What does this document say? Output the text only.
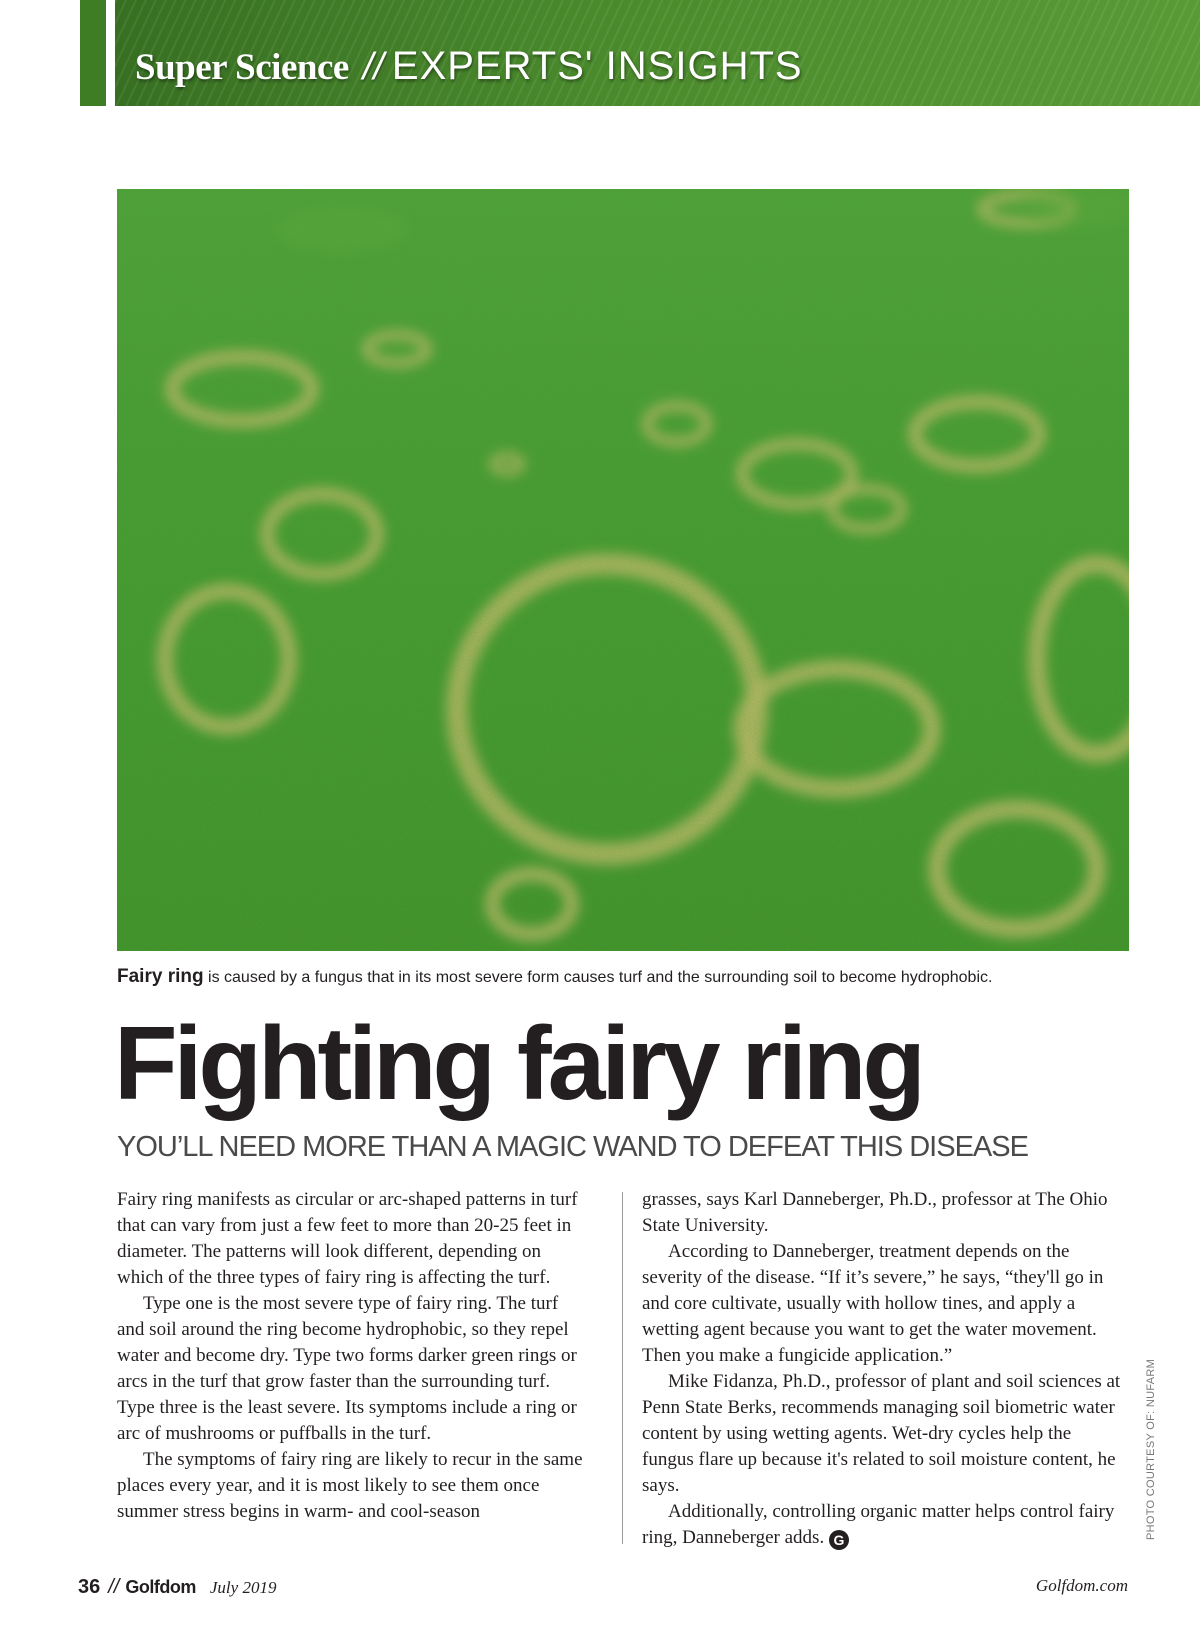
Super Science // EXPERTS' INSIGHTS
PHOTO COURTESY OF: NUFARM
Fairy ring is caused by a fungus that in its most severe form causes turf and the surrounding soil to become hydrophobic.
Fighting fairy ring
YOU’LL NEED MORE THAN A MAGIC WAND TO DEFEAT THIS DISEASE

Fairy ring manifests as circular or arc-shaped patterns in turf that can vary from just a few feet to more than 20-25 feet in diameter. The patterns will look different, depending on which of the three types of fairy ring is affecting the turf.

Type one is the most severe type of fairy ring. The turf and soil around the ring become hydrophobic, so they repel water and become dry. Type two forms darker green rings or arcs in the turf that grow faster than the surrounding turf. Type three is the least severe. Its symptoms include a ring or arc of mushrooms or puffballs in the turf.

The symptoms of fairy ring are likely to recur in the same places every year, and it is most likely to see them once summer stress begins in warm- and cool-season

grasses, says Karl Danneberger, Ph.D., professor at The Ohio State University.

According to Danneberger, treatment depends on the severity of the disease. “If it’s severe,” he says, “they'll go in and core cultivate, usually with hollow tines, and apply a wetting agent because you want to get the water movement. Then you make a fungicide application.”

Mike Fidanza, Ph.D., professor of plant and soil sciences at Penn State Berks, recommends managing soil biometric water content by using wetting agents. Wet-dry cycles help the fungus flare up because it's related to soil moisture content, he says.

Additionally, controlling organic matter helps control fairy ring, Danneberger adds. G

36 // Golfdom July 2019	Golfdom.com
